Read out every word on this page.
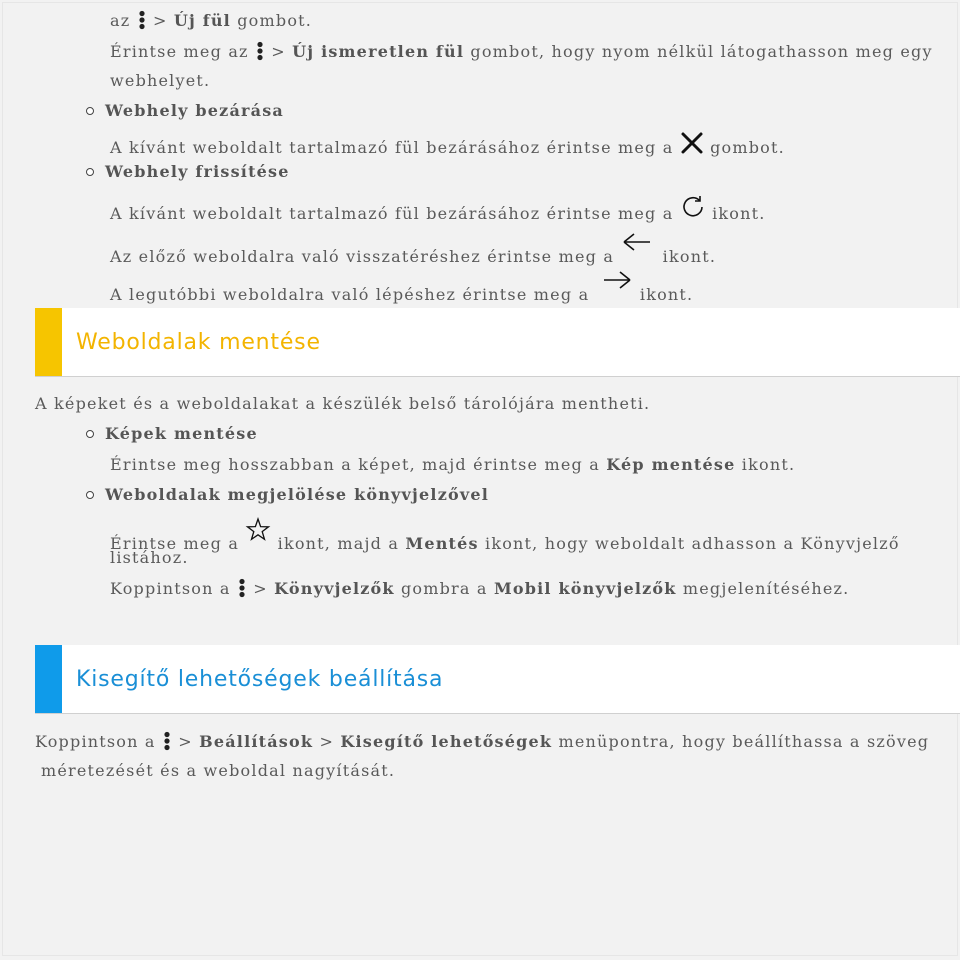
az  > Új fül gombot.
Érintse meg az  > Új ismeretlen fül gombot, hogy nyom nélkül látogathasson meg egy
webhelyet.
Webhely bezárása
A kívánt weboldalt tartalmazó fül bezárásához érintse meg a  gombot.
Webhely frissítése
A kívánt weboldalt tartalmazó fül bezárásához érintse meg a  ikont.
Az előző weboldalra való visszatéréshez érintse meg a  ikont.
A legutóbbi weboldalra való lépéshez érintse meg a  ikont.
Weboldalak mentése
A képeket és a weboldalakat a készülék belső tárolójára mentheti.
Képek mentése
Érintse meg hosszabban a képet, majd érintse meg a Kép mentése ikont.
Weboldalak megjelölése könyvjelzővel
Érintse meg a  ikont, majd a Mentés ikont, hogy weboldalt adhasson a Könyvjelző
listához.
Koppintson a  > Könyvjelzők gombra a Mobil könyvjelzők megjelenítéséhez.
Kisegítő lehetőségek beállítása
Koppintson a  > Beállítások > Kisegítő lehetőségek menüpontra, hogy beállíthassa a szöveg
méretezését és a weboldal nagyítását.
